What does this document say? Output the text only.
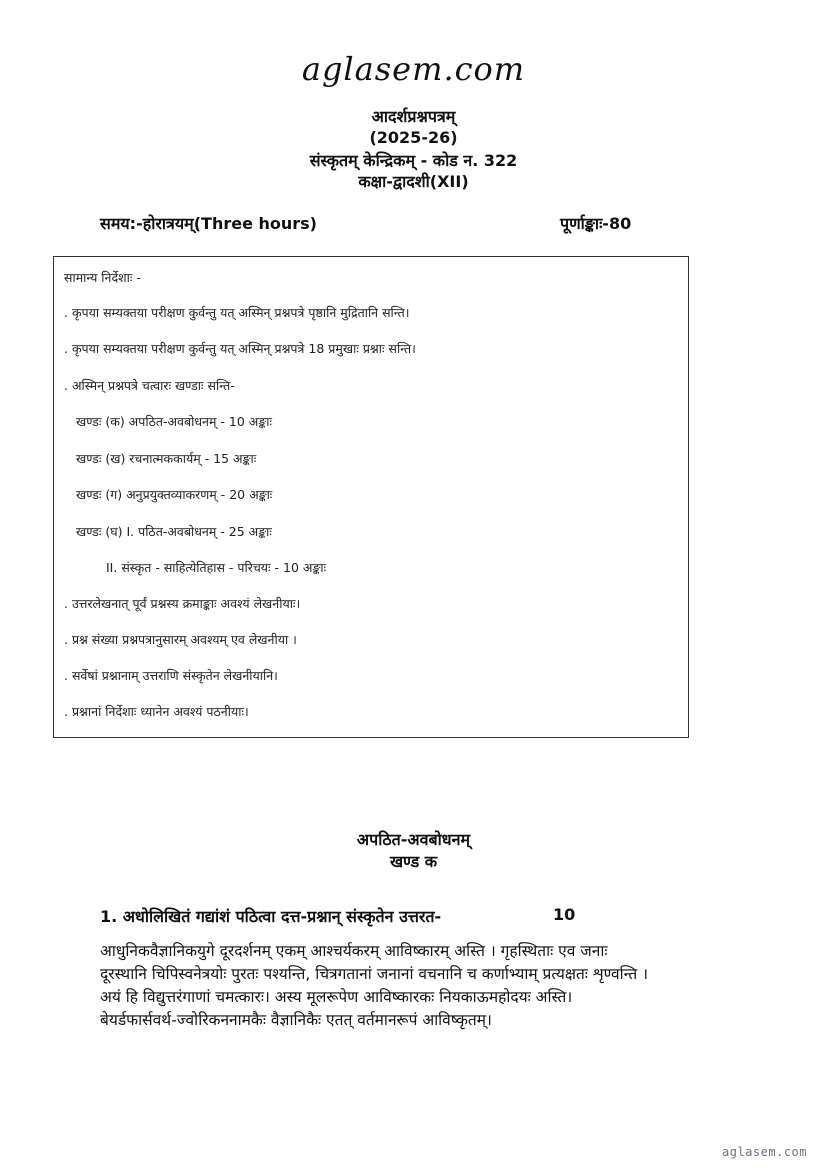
aglasem.com
आदर्शप्रश्नपत्रम्
(2025-26)
संस्कृतम् केन्द्रिकम् - कोड न. 322
कक्षा-द्वादशी(XII)
समय:-होरात्रयम्(Three hours)	पूर्णाङ्काः-80
सामान्य निर्देशाः -
. कृपया सम्यक्तया परीक्षण कुर्वन्तु यत् अस्मिन् प्रश्नपत्रे पृष्ठानि मुद्रितानि सन्ति।
. कृपया सम्यक्तया परीक्षण कुर्वन्तु यत् अस्मिन् प्रश्नपत्रे 18 प्रमुखाः प्रश्नाः सन्ति।
. अस्मिन् प्रश्नपत्रे चत्वारः खण्डाः सन्ति-
खण्डः (क) अपठित-अवबोधनम् - 10 अङ्काः
खण्डः (ख) रचनात्मककार्यम् - 15 अङ्काः
खण्डः (ग) अनुप्रयुक्तव्याकरणम् - 20 अङ्काः
खण्डः (घ) I. पठित-अवबोधनम् - 25 अङ्काः
II. संस्कृत - साहित्येतिहास - परिचयः - 10 अङ्काः
. उत्तरलेखनात् पूर्वं प्रश्नस्य क्रमाङ्काः अवश्यं लेखनीयाः।
. प्रश्न संख्या प्रश्नपत्रानुसारम् अवश्यम् एव लेखनीया ।
. सर्वेषां प्रश्नानाम् उत्तराणि संस्कृतेन लेखनीयानि।
. प्रश्नानां निर्देशाः ध्यानेन अवश्यं पठनीयाः।
अपठित-अवबोधनम्
खण्ड क
1. अधोलिखितं गद्यांशं पठित्वा दत्त-प्रश्नान् संस्कृतेन उत्तरत-	10
आधुनिकवैज्ञानिकयुगे दूरदर्शनम् एकम् आश्चर्यकरम् आविष्कारम् अस्ति । गृहस्थिताः एव जनाः
दूरस्थानि चिपिस्वनेत्रयोः पुरतः पश्यन्ति, चित्रगतानां जनानां वचनानि च कर्णाभ्याम् प्रत्यक्षतः शृण्वन्ति ।
अयं हि विद्युत्तरंगाणां चमत्कारः। अस्य मूलरूपेण आविष्कारकः नियकाऊमहोदयः अस्ति।
बेयर्डफार्सवर्थ-ज्वोरिकननामकैः वैज्ञानिकैः एतत् वर्तमानरूपं आविष्कृतम्।
aglasem.com
